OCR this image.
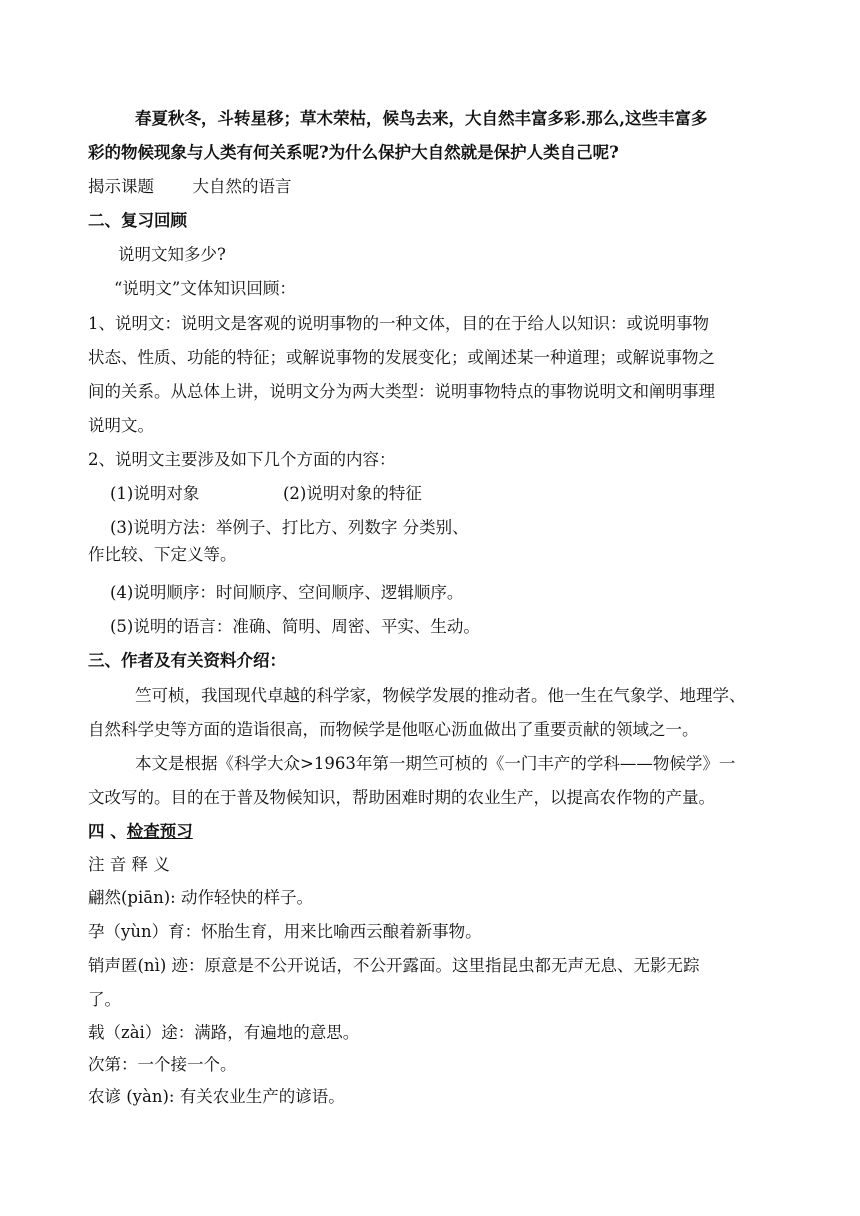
春夏秋冬，斗转星移；草木荣枯，候鸟去来，大自然丰富多彩.那么,这些丰富多
彩的物候现象与人类有何关系呢?为什么保护大自然就是保护人类自己呢?
揭示课题 大自然的语言
二、复习回顾
说明文知多少?
“说明文”文体知识回顾：
1、说明文：说明文是客观的说明事物的一种文体，目的在于给人以知识：或说明事物
状态、性质、功能的特征；或解说事物的发展变化；或阐述某一种道理；或解说事物之
间的关系。从总体上讲，说明文分为两大类型：说明事物特点的事物说明文和阐明事理
说明文。
2、说明文主要涉及如下几个方面的内容：
(1)说明对象	(2)说明对象的特征
(3)说明方法：举例子、打比方、列数字 分类别、
作比较、下定义等。
(4)说明顺序：时间顺序、空间顺序、逻辑顺序。
(5)说明的语言：准确、简明、周密、平实、生动。
三、作者及有关资料介绍：
竺可桢，我国现代卓越的科学家，物候学发展的推动者。他一生在气象学、地理学、
自然科学史等方面的造诣很高，而物候学是他呕心沥血做出了重要贡献的领域之一。
本文是根据《科学大众>1963年第一期竺可桢的《一门丰产的学科——物候学》一
文改写的。目的在于普及物候知识，帮助困难时期的农业生产，以提高农作物的产量。
四 、检查预习
注 音 释 义
翩然(piān): 动作轻快的样子。
孕（yùn）育：怀胎生育，用来比喻西云酿着新事物。
销声匿(nì) 迹：原意是不公开说话，不公开露面。这里指昆虫都无声无息、无影无踪
了。
载（zài）途：满路，有遍地的意思。
次第：一个接一个。
农谚 (yàn): 有关农业生产的谚语。
